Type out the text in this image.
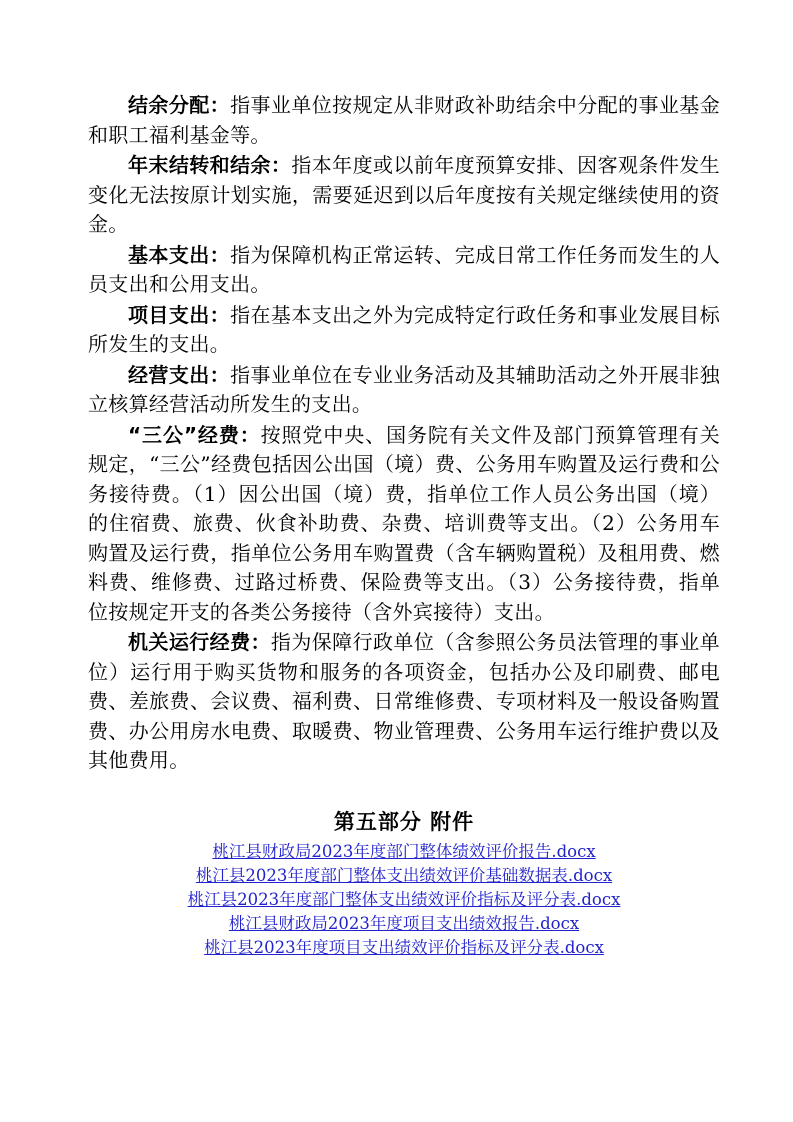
结余分配：指事业单位按规定从非财政补助结余中分配的事业基金和职工福利基金等。

年末结转和结余：指本年度或以前年度预算安排、因客观条件发生变化无法按原计划实施，需要延迟到以后年度按有关规定继续使用的资金。

基本支出：指为保障机构正常运转、完成日常工作任务而发生的人员支出和公用支出。

项目支出：指在基本支出之外为完成特定行政任务和事业发展目标所发生的支出。

经营支出：指事业单位在专业业务活动及其辅助活动之外开展非独立核算经营活动所发生的支出。

“三公”经费：按照党中央、国务院有关文件及部门预算管理有关规定，“三公”经费包括因公出国（境）费、公务用车购置及运行费和公务接待费。（1）因公出国（境）费，指单位工作人员公务出国（境）的住宿费、旅费、伙食补助费、杂费、培训费等支出。（2）公务用车购置及运行费，指单位公务用车购置费（含车辆购置税）及租用费、燃料费、维修费、过路过桥费、保险费等支出。（3）公务接待费，指单位按规定开支的各类公务接待（含外宾接待）支出。

机关运行经费：指为保障行政单位（含参照公务员法管理的事业单位）运行用于购买货物和服务的各项资金，包括办公及印刷费、邮电费、差旅费、会议费、福利费、日常维修费、专项材料及一般设备购置费、办公用房水电费、取暖费、物业管理费、公务用车运行维护费以及其他费用。

第五部分 附件
桃江县财政局2023年度部门整体绩效评价报告.docx
桃江县2023年度部门整体支出绩效评价基础数据表.docx
桃江县2023年度部门整体支出绩效评价指标及评分表.docx
桃江县财政局2023年度项目支出绩效报告.docx
桃江县2023年度项目支出绩效评价指标及评分表.docx
